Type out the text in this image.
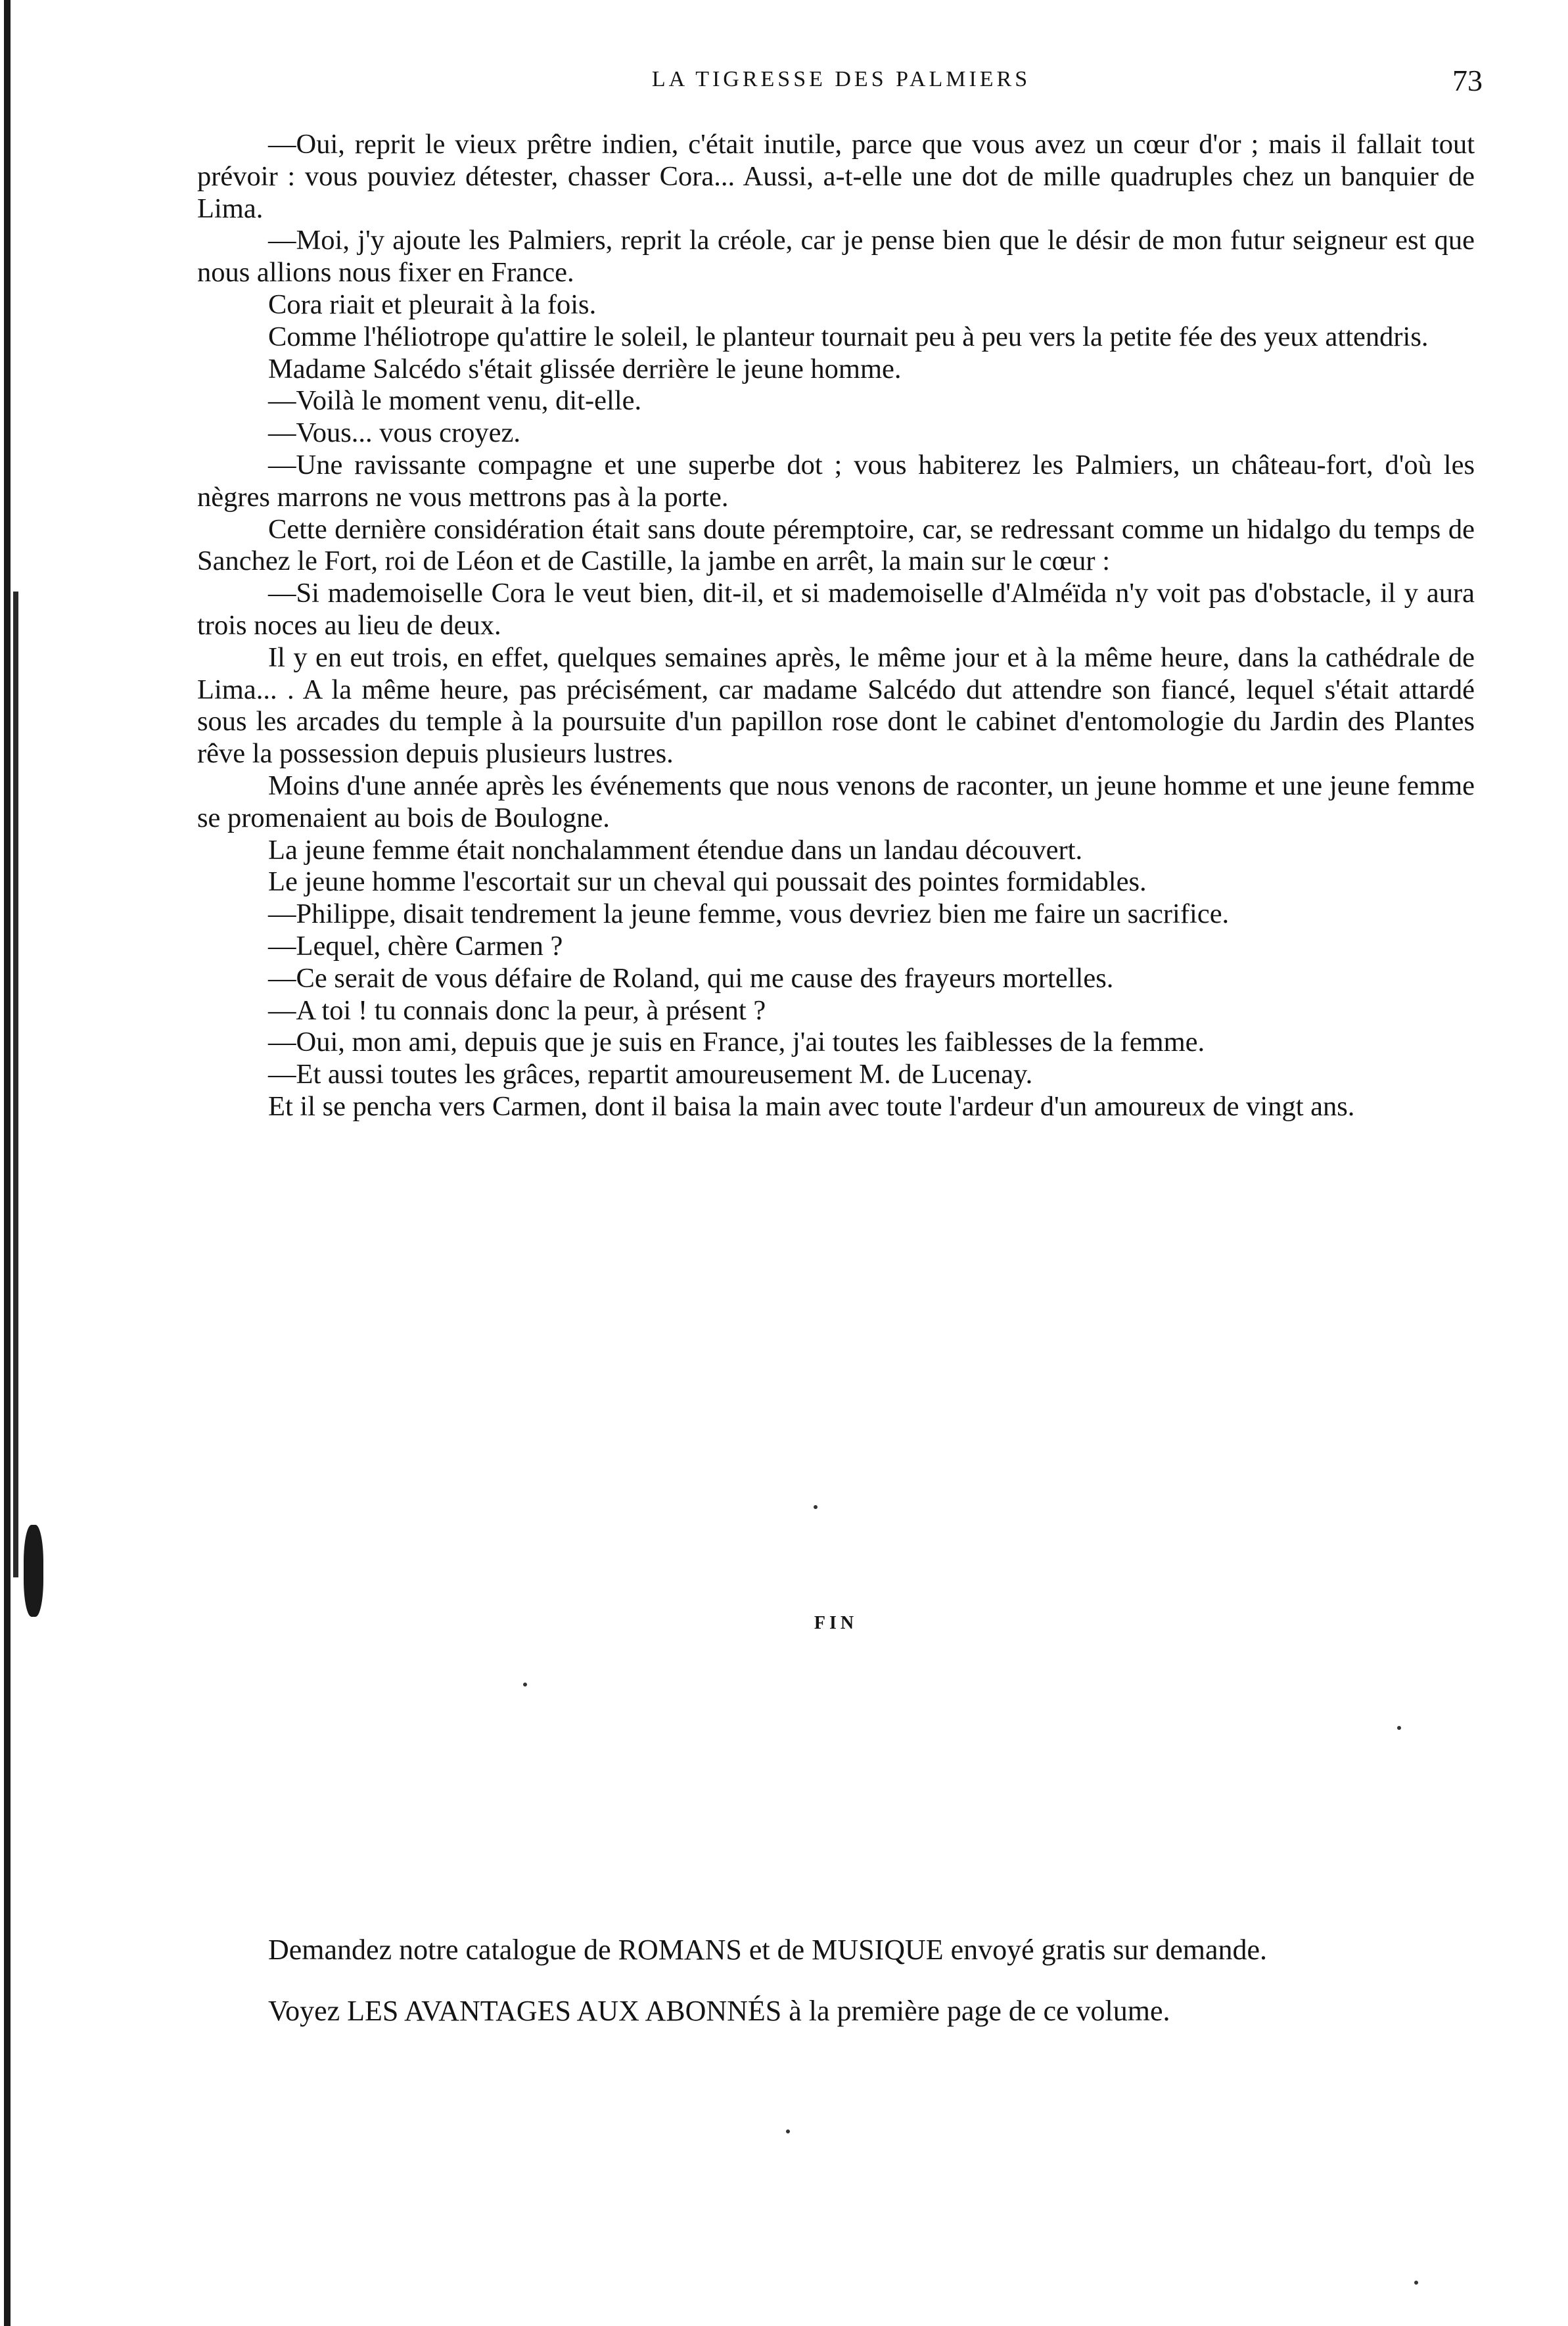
LA TIGRESSE DES PALMIERS	73

—Oui, reprit le vieux prêtre indien, c'était inutile, parce que vous avez un cœur d'or ; mais il fallait tout prévoir : vous pouviez détester, chasser Cora... Aussi, a-t-elle une dot de mille quadruples chez un banquier de Lima.

—Moi, j'y ajoute les Palmiers, reprit la créole, car je pense bien que le désir de mon futur seigneur est que nous allions nous fixer en France.

Cora riait et pleurait à la fois.

Comme l'héliotrope qu'attire le soleil, le planteur tournait peu à peu vers la petite fée des yeux attendris.

Madame Salcédo s'était glissée derrière le jeune homme.

—Voilà le moment venu, dit-elle.

—Vous... vous croyez.

—Une ravissante compagne et une superbe dot ; vous habiterez les Palmiers, un château-fort, d'où les nègres marrons ne vous mettrons pas à la porte.

Cette dernière considération était sans doute péremptoire, car, se redressant comme un hidalgo du temps de Sanchez le Fort, roi de Léon et de Castille, la jambe en arrêt, la main sur le cœur :

—Si mademoiselle Cora le veut bien, dit-il, et si mademoiselle d'Alméïda n'y voit pas d'obstacle, il y aura trois noces au lieu de deux.

Il y en eut trois, en effet, quelques semaines après, le même jour et à la même heure, dans la cathédrale de Lima... . A la même heure, pas précisément, car madame Salcédo dut attendre son fiancé, lequel s'était attardé sous les arcades du temple à la poursuite d'un papillon rose dont le cabinet d'entomologie du Jardin des Plantes rêve la possession depuis plusieurs lustres.

Moins d'une année après les événements que nous venons de raconter, un jeune homme et une jeune femme se promenaient au bois de Boulogne.

La jeune femme était nonchalamment étendue dans un landau découvert.

Le jeune homme l'escortait sur un cheval qui poussait des pointes formidables.

—Philippe, disait tendrement la jeune femme, vous devriez bien me faire un sacrifice.

—Lequel, chère Carmen ?

—Ce serait de vous défaire de Roland, qui me cause des frayeurs mortelles.

—A toi ! tu connais donc la peur, à présent ?

—Oui, mon ami, depuis que je suis en France, j'ai toutes les faiblesses de la femme.

—Et aussi toutes les grâces, repartit amoureusement M. de Lucenay.

Et il se pencha vers Carmen, dont il baisa la main avec toute l'ardeur d'un amoureux de vingt ans.

FIN

Demandez notre catalogue de ROMANS et de MUSIQUE envoyé gratis sur demande.

Voyez LES AVANTAGES AUX ABONNÉS à la première page de ce volume.
